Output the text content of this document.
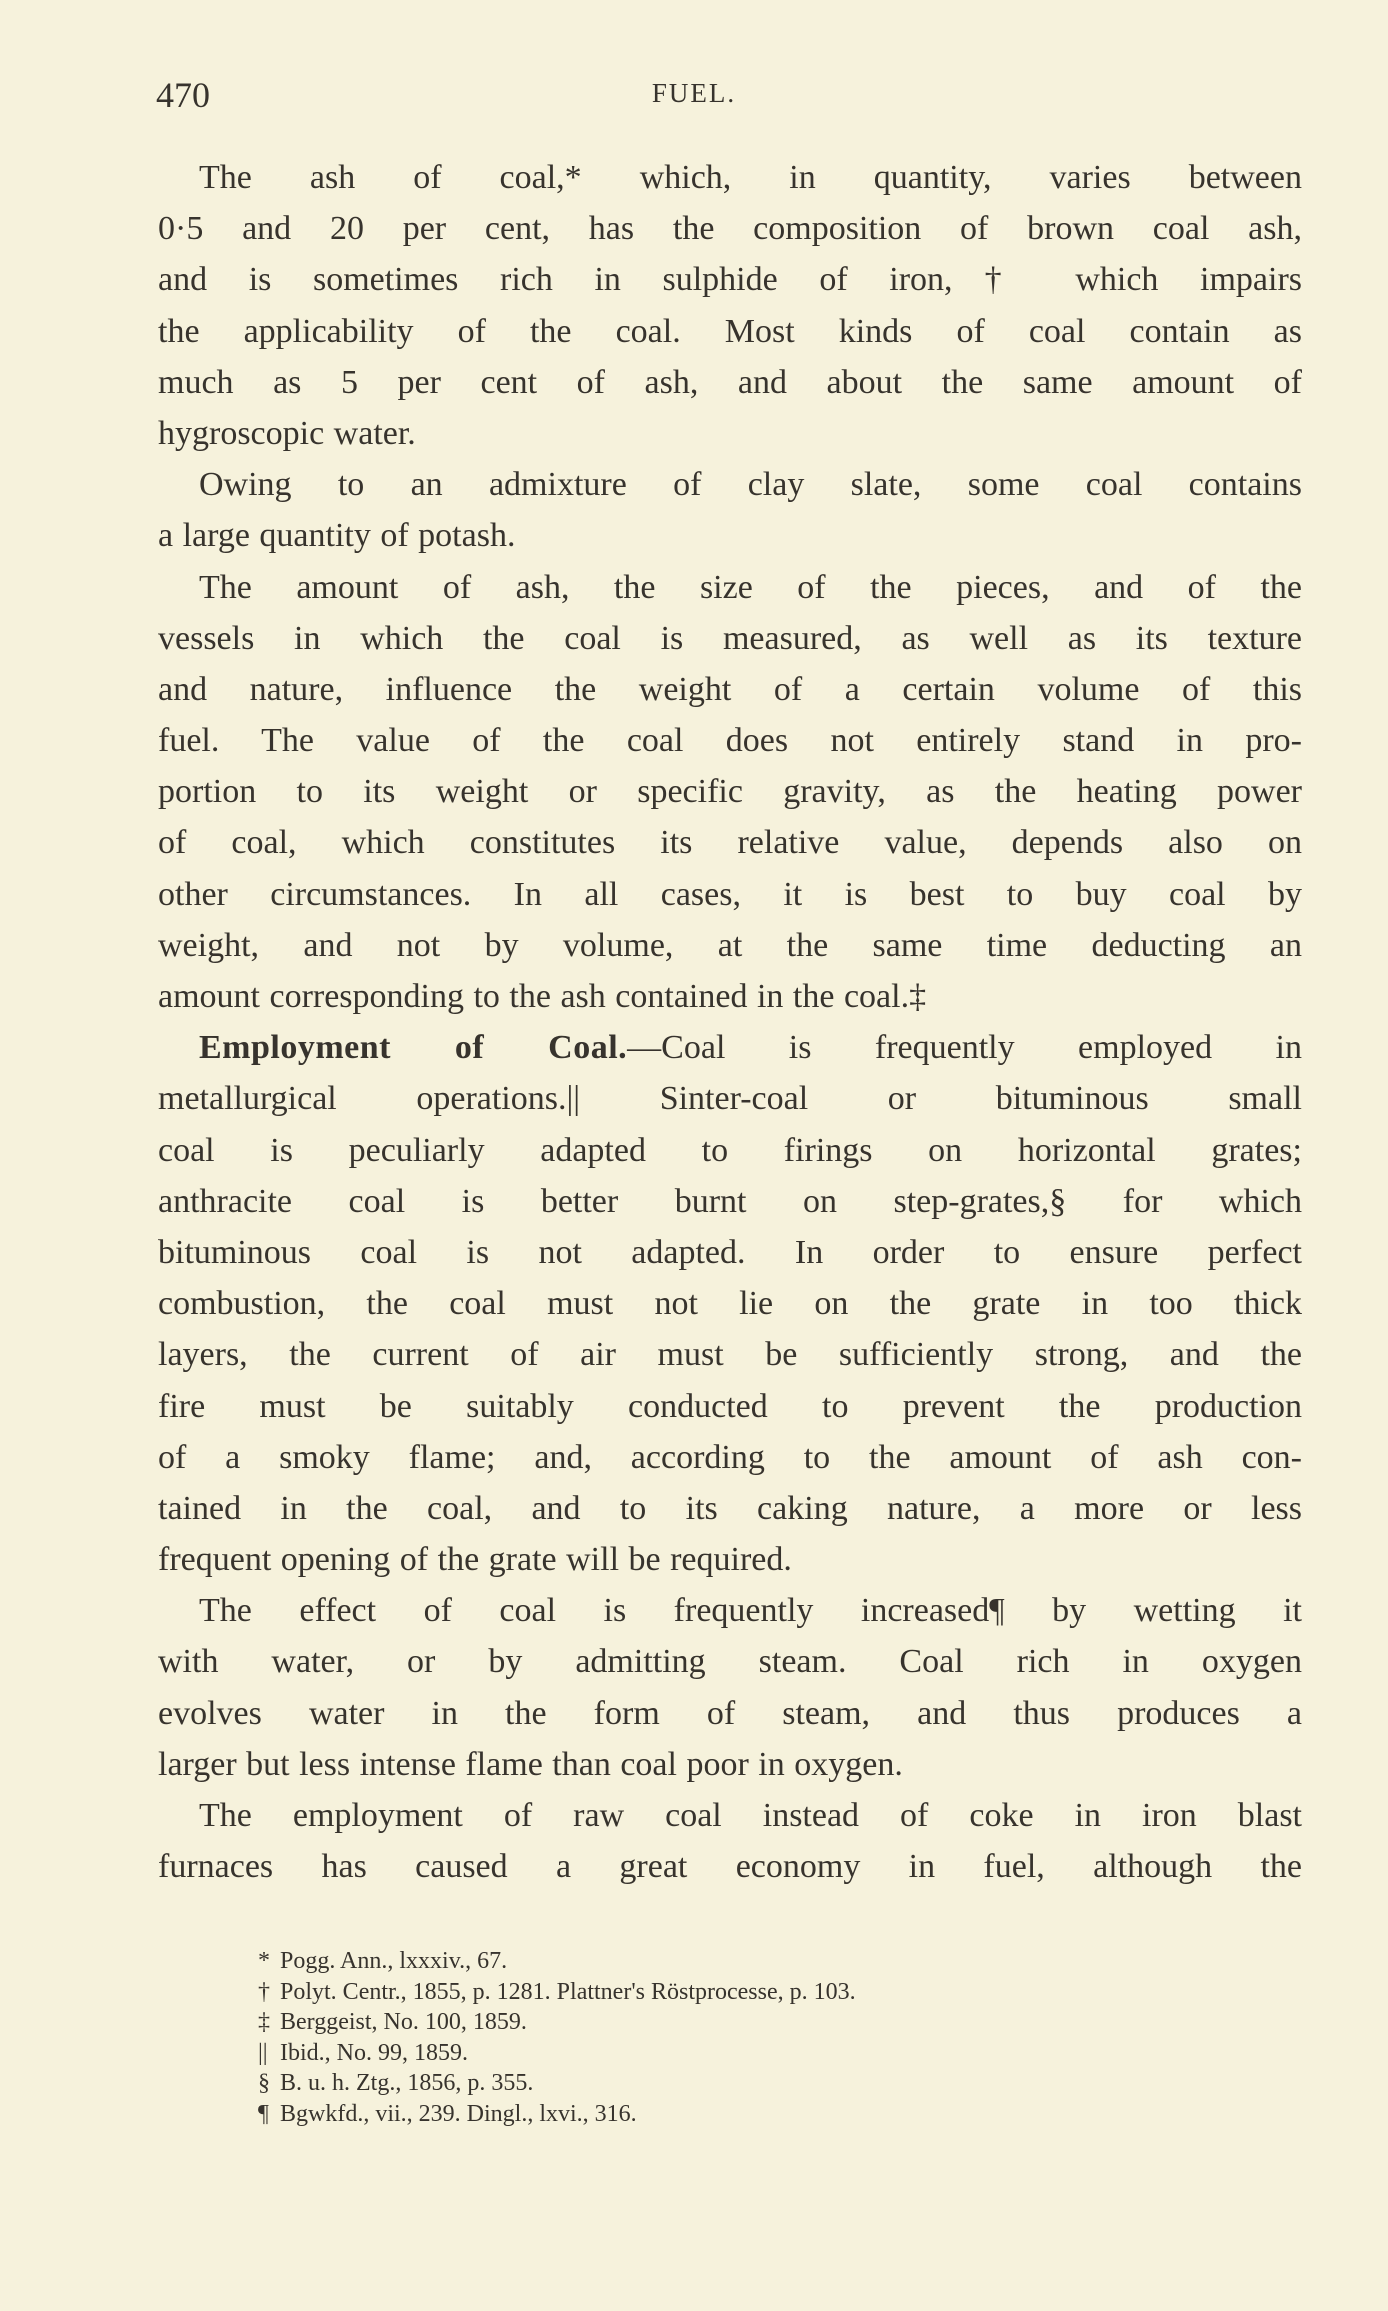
470	FUEL.
The ash of coal,* which, in quantity, varies between
0·5 and 20 per cent, has the composition of brown coal ash,
and is sometimes rich in sulphide of iron,† which impairs
the applicability of the coal. Most kinds of coal contain as
much as 5 per cent of ash, and about the same amount of
hygroscopic water.
Owing to an admixture of clay slate, some coal contains
a large quantity of potash.
The amount of ash, the size of the pieces, and of the
vessels in which the coal is measured, as well as its texture
and nature, influence the weight of a certain volume of this
fuel. The value of the coal does not entirely stand in pro-
portion to its weight or specific gravity, as the heating power
of coal, which constitutes its relative value, depends also on
other circumstances. In all cases, it is best to buy coal by
weight, and not by volume, at the same time deducting an
amount corresponding to the ash contained in the coal.‡
Employment of Coal.—Coal is frequently employed in
metallurgical operations.|| Sinter-coal or bituminous small
coal is peculiarly adapted to firings on horizontal grates;
anthracite coal is better burnt on step-grates,§ for which
bituminous coal is not adapted. In order to ensure perfect
combustion, the coal must not lie on the grate in too thick
layers, the current of air must be sufficiently strong, and the
fire must be suitably conducted to prevent the production
of a smoky flame; and, according to the amount of ash con-
tained in the coal, and to its caking nature, a more or less
frequent opening of the grate will be required.
The effect of coal is frequently increased¶ by wetting it
with water, or by admitting steam. Coal rich in oxygen
evolves water in the form of steam, and thus produces a
larger but less intense flame than coal poor in oxygen.
The employment of raw coal instead of coke in iron blast
furnaces has caused a great economy in fuel, although the
* Pogg. Ann., lxxxiv., 67.
† Polyt. Centr., 1855, p. 1281. Plattner's Röstprocesse, p. 103.
‡ Berggeist, No. 100, 1859.
|| Ibid., No. 99, 1859.
§ B. u. h. Ztg., 1856, p. 355.
¶ Bgwkfd., vii., 239. Dingl., lxvi., 316.
